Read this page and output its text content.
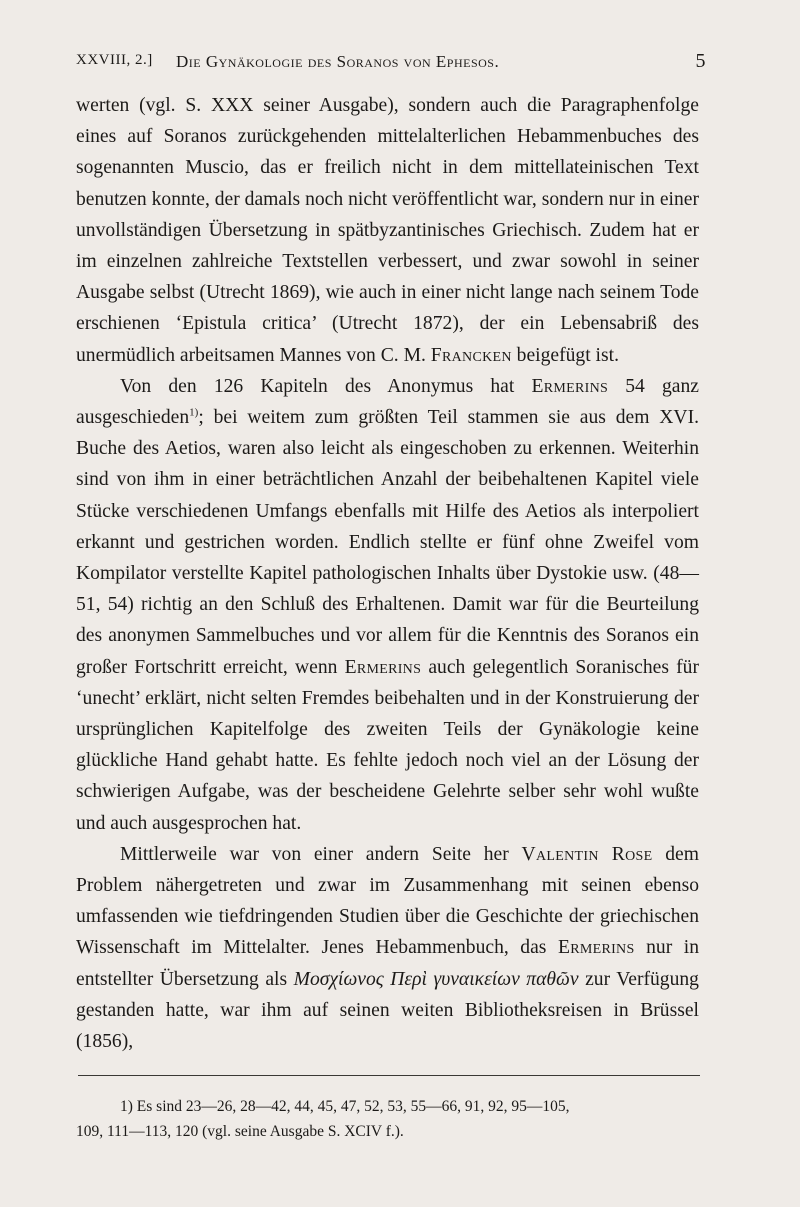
XXVIII, 2.] Die Gynäkologie des Soranos von Ephesos.	5

werten (vgl. S. XXX seiner Ausgabe), sondern auch die Paragraphenfolge eines auf Soranos zurückgehenden mittelalterlichen Hebammenbuches des sogenannten Muscio, das er freilich nicht in dem mittellateinischen Text benutzen konnte, der damals noch nicht veröffentlicht war, sondern nur in einer unvollständigen Übersetzung in spätbyzantinisches Griechisch. Zudem hat er im einzelnen zahlreiche Textstellen verbessert, und zwar sowohl in seiner Ausgabe selbst (Utrecht 1869), wie auch in einer nicht lange nach seinem Tode erschienen ‘Epistula critica’ (Utrecht 1872), der ein Lebensabriß des unermüdlich arbeitsamen Mannes von C. M. Francken beigefügt ist.

Von den 126 Kapiteln des Anonymus hat Ermerins 54 ganz ausgeschieden$^{1)}$; bei weitem zum größten Teil stammen sie aus dem XVI. Buche des Aetios, waren also leicht als eingeschoben zu erkennen. Weiterhin sind von ihm in einer beträchtlichen Anzahl der beibehaltenen Kapitel viele Stücke verschiedenen Umfangs ebenfalls mit Hilfe des Aetios als interpoliert erkannt und gestrichen worden. Endlich stellte er fünf ohne Zweifel vom Kompilator verstellte Kapitel pathologischen Inhalts über Dystokie usw. (48—51, 54) richtig an den Schluß des Erhaltenen. Damit war für die Beurteilung des anonymen Sammelbuches und vor allem für die Kenntnis des Soranos ein großer Fortschritt erreicht, wenn Ermerins auch gelegentlich Soranisches für ‘unecht’ erklärt, nicht selten Fremdes beibehalten und in der Konstruierung der ursprünglichen Kapitelfolge des zweiten Teils der Gynäkologie keine glückliche Hand gehabt hatte. Es fehlte jedoch noch viel an der Lösung der schwierigen Aufgabe, was der bescheidene Gelehrte selber sehr wohl wußte und auch ausgesprochen hat.

Mittlerweile war von einer andern Seite her Valentin Rose dem Problem nähergetreten und zwar im Zusammenhang mit seinen ebenso umfassenden wie tiefdringenden Studien über die Geschichte der griechischen Wissenschaft im Mittelalter. Jenes Hebammenbuch, das Ermerins nur in entstellter Übersetzung als Μοσχίωνος Περὶ γυναικείων παθῶν zur Verfügung gestanden hatte, war ihm auf seinen weiten Bibliotheksreisen in Brüssel (1856),

1) Es sind 23—26, 28—42, 44, 45, 47, 52, 53, 55—66, 91, 92, 95—105,
109, 111—113, 120 (vgl. seine Ausgabe S. XCIV f.).
